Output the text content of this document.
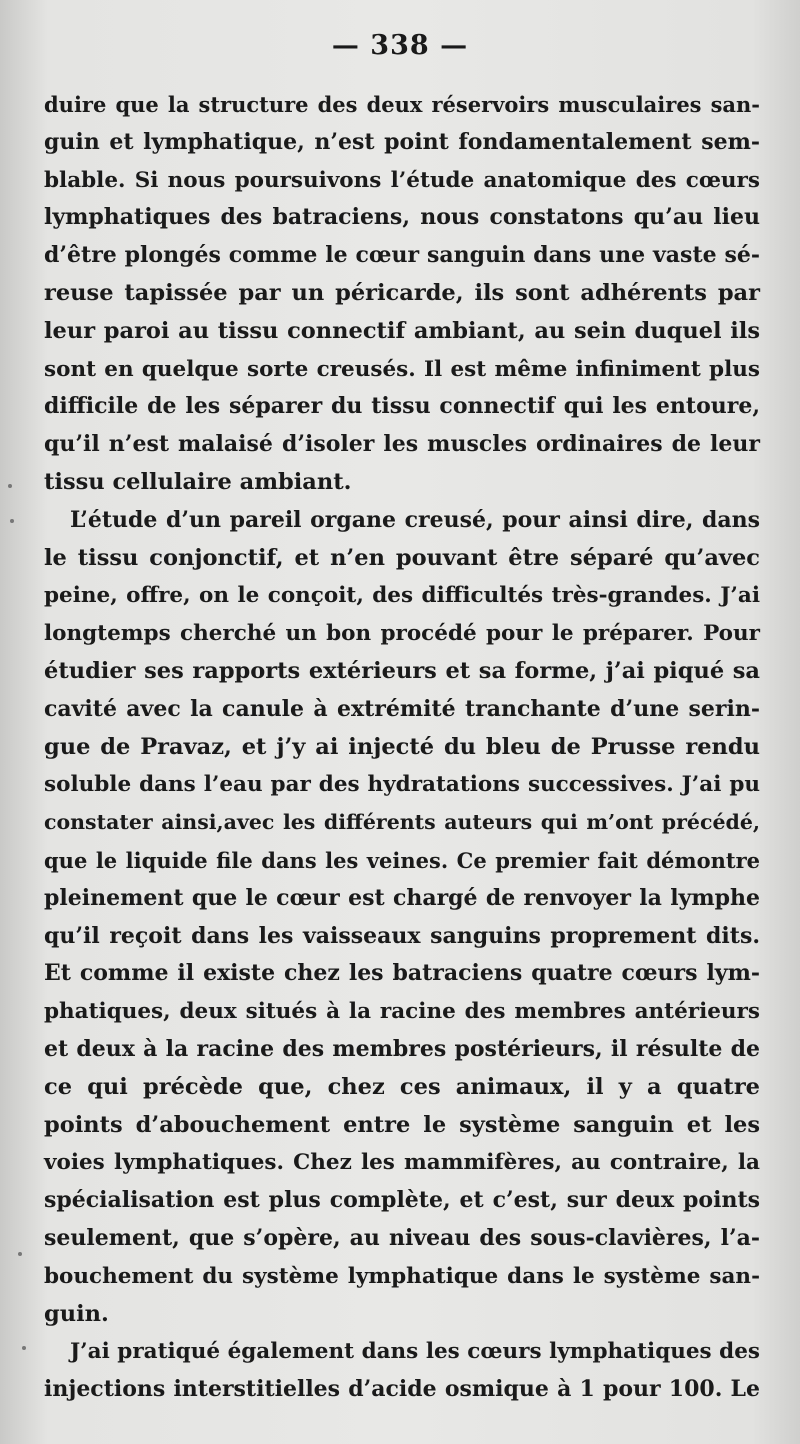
— 338 —
duire que la structure des deux réservoirs musculaires san-
guin et lymphatique, n’est point fondamentalement sem-
blable. Si nous poursuivons l’étude anatomique des cœurs
lymphatiques des batraciens, nous constatons qu’au lieu
d’être plongés comme le cœur sanguin dans une vaste sé-
reuse tapissée par un péricarde, ils sont adhérents par
leur paroi au tissu connectif ambiant, au sein duquel ils
sont en quelque sorte creusés. Il est même infiniment plus
difficile de les séparer du tissu connectif qui les entoure,
qu’il n’est malaisé d’isoler les muscles ordinaires de leur
tissu cellulaire ambiant.
L’étude d’un pareil organe creusé, pour ainsi dire, dans
le tissu conjonctif, et n’en pouvant être séparé qu’avec
peine, offre, on le conçoit, des difficultés très-grandes. J’ai
longtemps cherché un bon procédé pour le préparer. Pour
étudier ses rapports extérieurs et sa forme, j’ai piqué sa
cavité avec la canule à extrémité tranchante d’une serin-
gue de Pravaz, et j’y ai injecté du bleu de Prusse rendu
soluble dans l’eau par des hydratations successives. J’ai pu
constater ainsi,avec les différents auteurs qui m’ont précédé,
que le liquide file dans les veines. Ce premier fait démontre
pleinement que le cœur est chargé de renvoyer la lymphe
qu’il reçoit dans les vaisseaux sanguins proprement dits.
Et comme il existe chez les batraciens quatre cœurs lym-
phatiques, deux situés à la racine des membres antérieurs
et deux à la racine des membres postérieurs, il résulte de
ce qui précède que, chez ces animaux, il y a quatre
points d’abouchement entre le système sanguin et les
voies lymphatiques. Chez les mammifères, au contraire, la
spécialisation est plus complète, et c’est, sur deux points
seulement, que s’opère, au niveau des sous-clavières, l’a-
bouchement du système lymphatique dans le système san-
guin.
J’ai pratiqué également dans les cœurs lymphatiques des
injections interstitielles d’acide osmique à 1 pour 100. Le
